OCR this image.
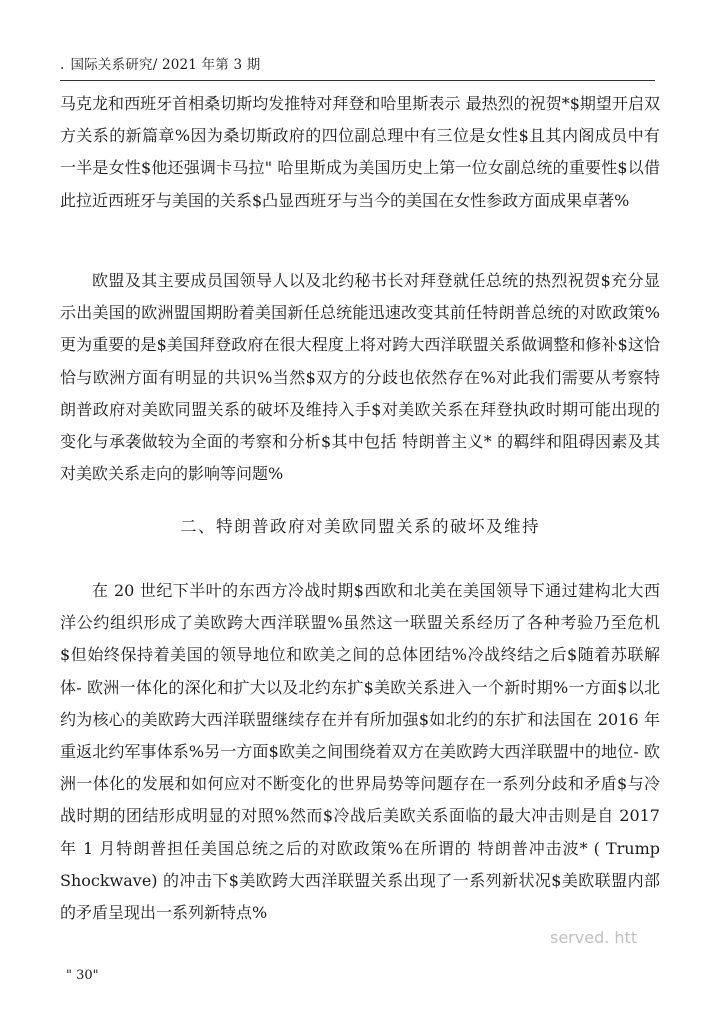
. 国际关系研究/ 2021 年第 3 期

马克龙和西班牙首相桑切斯均发推特对拜登和哈里斯表示 最热烈的祝贺*$期望开启双方关系的新篇章%因为桑切斯政府的四位副总理中有三位是女性$且其内阁成员中有一半是女性$他还强调卡马拉" 哈里斯成为美国历史上第一位女副总统的重要性$以借此拉近西班牙与美国的关系$凸显西班牙与当今的美国在女性参政方面成果卓著%

欧盟及其主要成员国领导人以及北约秘书长对拜登就任总统的热烈祝贺$充分显示出美国的欧洲盟国期盼着美国新任总统能迅速改变其前任特朗普总统的对欧政策%更为重要的是$美国拜登政府在很大程度上将对跨大西洋联盟关系做调整和修补$这恰恰与欧洲方面有明显的共识%当然$双方的分歧也依然存在%对此我们需要从考察特朗普政府对美欧同盟关系的破坏及维持入手$对美欧关系在拜登执政时期可能出现的变化与承袭做较为全面的考察和分析$其中包括 特朗普主义* 的羁绊和阻碍因素及其对美欧关系走向的影响等问题%

二、特朗普政府对美欧同盟关系的破坏及维持

在 20 世纪下半叶的东西方冷战时期$西欧和北美在美国领导下通过建构北大西洋公约组织形成了美欧跨大西洋联盟%虽然这一联盟关系经历了各种考验乃至危机$但始终保持着美国的领导地位和欧美之间的总体团结%冷战终结之后$随着苏联解体- 欧洲一体化的深化和扩大以及北约东扩$美欧关系进入一个新时期%一方面$以北约为核心的美欧跨大西洋联盟继续存在并有所加强$如北约的东扩和法国在 2016 年重返北约军事体系%另一方面$欧美之间围绕着双方在美欧跨大西洋联盟中的地位- 欧洲一体化的发展和如何应对不断变化的世界局势等问题存在一系列分歧和矛盾$与冷战时期的团结形成明显的对照%然而$冷战后美欧关系面临的最大冲击则是自 2017 年 1 月特朗普担任美国总统之后的对欧政策%在所谓的 特朗普冲击波* ( Trump Shockwave) 的冲击下$美欧跨大西洋联盟关系出现了一系列新状况$美欧联盟内部的矛盾呈现出一系列新特点%

served. htt
" 30"
